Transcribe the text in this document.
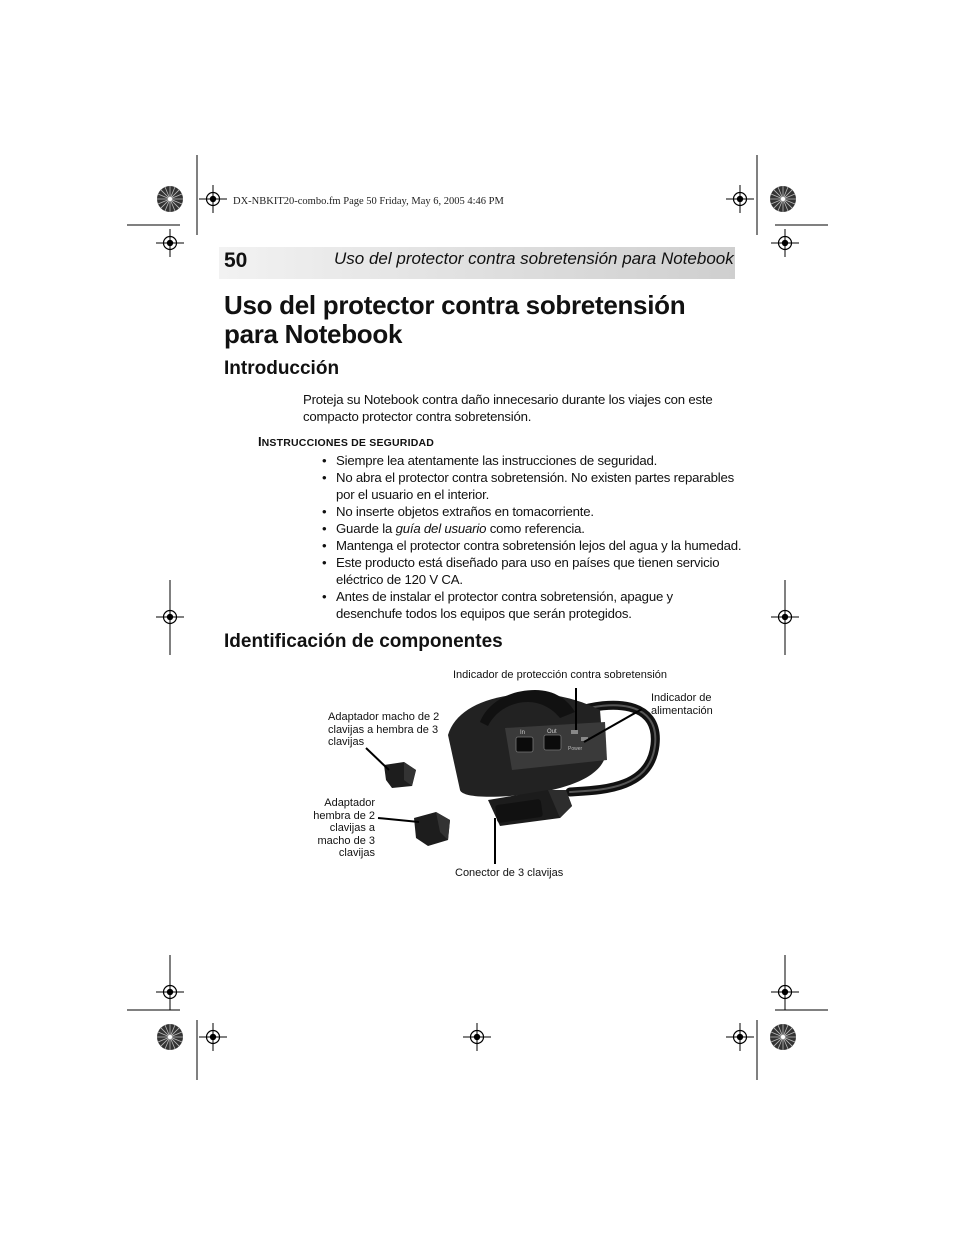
DX-NBKIT20-combo.fm Page 50 Friday, May 6, 2005 4:46 PM
50	Uso del protector contra sobretensión para Notebook
Uso del protector contra sobretensión
para Notebook
Introducción
Proteja su Notebook contra daño innecesario durante los viajes con este compacto protector contra sobretensión.
INSTRUCCIONES DE SEGURIDAD
• Siempre lea atentamente las instrucciones de seguridad.
• No abra el protector contra sobretensión. No existen partes reparables por el usuario en el interior.
• No inserte objetos extraños en tomacorriente.
• Guarde la guía del usuario como referencia.
• Mantenga el protector contra sobretensión lejos del agua y la humedad.
• Este producto está diseñado para uso en países que tienen servicio eléctrico de 120 V CA.
• Antes de instalar el protector contra sobretensión, apague y desenchufe todos los equipos que serán protegidos.
Identificación de componentes
In	Out
Power
Indicador de protección contra sobretensión
Indicador de
alimentación
Adaptador macho de 2
clavijas a hembra de 3
clavijas
Adaptador
hembra de 2
clavijas a
macho de 3
clavijas
Conector de 3 clavijas
